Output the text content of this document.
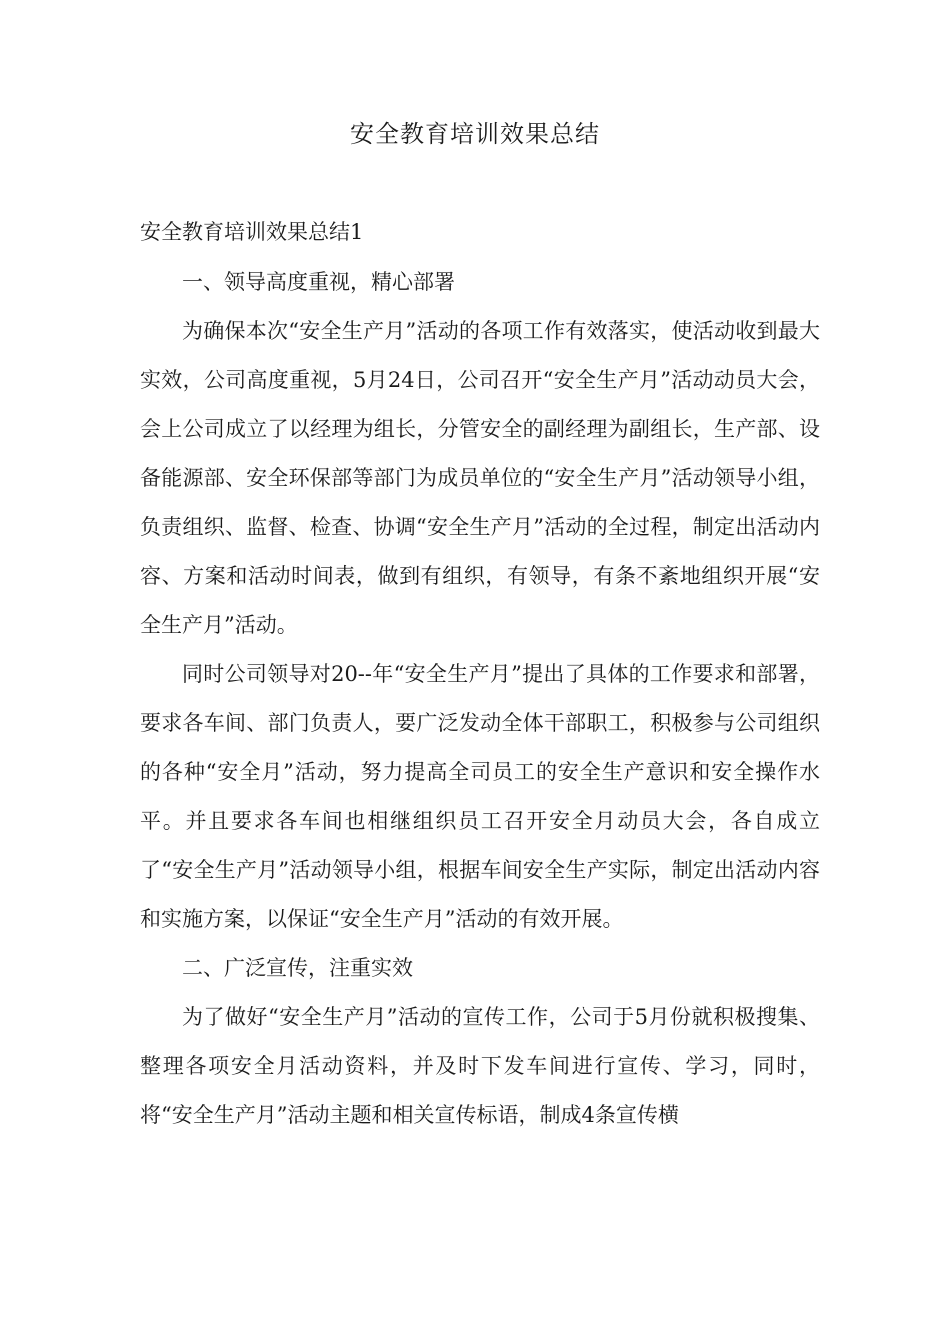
安全教育培训效果总结

安全教育培训效果总结1

一、领导高度重视，精心部署

为确保本次“安全生产月”活动的各项工作有效落实，使活动收到最大实效，公司高度重视，5月24日，公司召开“安全生产月”活动动员大会，会上公司成立了以经理为组长，分管安全的副经理为副组长，生产部、设备能源部、安全环保部等部门为成员单位的“安全生产月”活动领导小组，负责组织、监督、检查、协调“安全生产月”活动的全过程，制定出活动内容、方案和活动时间表，做到有组织，有领导，有条不紊地组织开展“安全生产月”活动。

同时公司领导对20--年“安全生产月”提出了具体的工作要求和部署，要求各车间、部门负责人，要广泛发动全体干部职工，积极参与公司组织的各种“安全月”活动，努力提高全司员工的安全生产意识和安全操作水平。并且要求各车间也相继组织员工召开安全月动员大会，各自成立了“安全生产月”活动领导小组，根据车间安全生产实际，制定出活动内容和实施方案，以保证“安全生产月”活动的有效开展。

二、广泛宣传，注重实效

为了做好“安全生产月”活动的宣传工作，公司于5月份就积极搜集、整理各项安全月活动资料，并及时下发车间进行宣传、学习，同时，将“安全生产月”活动主题和相关宣传标语，制成4条宣传横
